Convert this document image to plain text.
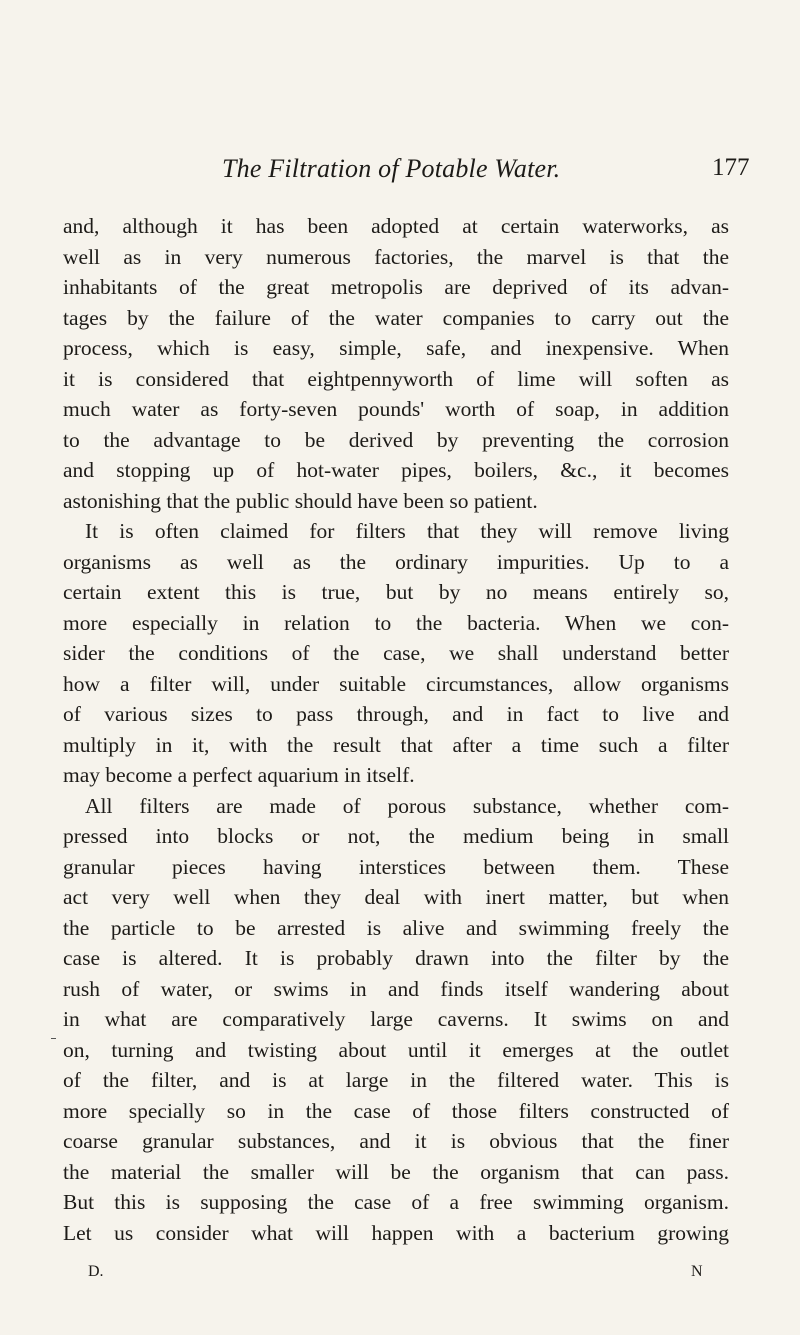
The Filtration of Potable Water.	177
and, although it has been adopted at certain waterworks, as
well as in very numerous factories, the marvel is that the
inhabitants of the great metropolis are deprived of its advan-
tages by the failure of the water companies to carry out the
process, which is easy, simple, safe, and inexpensive. When
it is considered that eightpennyworth of lime will soften as
much water as forty-seven pounds' worth of soap, in addition
to the advantage to be derived by preventing the corrosion
and stopping up of hot-water pipes, boilers, &c., it becomes
astonishing that the public should have been so patient.
It is often claimed for filters that they will remove living
organisms as well as the ordinary impurities. Up to a
certain extent this is true, but by no means entirely so,
more especially in relation to the bacteria. When we con-
sider the conditions of the case, we shall understand better
how a filter will, under suitable circumstances, allow organisms
of various sizes to pass through, and in fact to live and
multiply in it, with the result that after a time such a filter
may become a perfect aquarium in itself.
All filters are made of porous substance, whether com-
pressed into blocks or not, the medium being in small
granular pieces having interstices between them. These
act very well when they deal with inert matter, but when
the particle to be arrested is alive and swimming freely the
case is altered. It is probably drawn into the filter by the
rush of water, or swims in and finds itself wandering about
in what are comparatively large caverns. It swims on and
on, turning and twisting about until it emerges at the outlet
of the filter, and is at large in the filtered water. This is
more specially so in the case of those filters constructed of
coarse granular substances, and it is obvious that the finer
the material the smaller will be the organism that can pass.
But this is supposing the case of a free swimming organism.
Let us consider what will happen with a bacterium growing
D.	N
